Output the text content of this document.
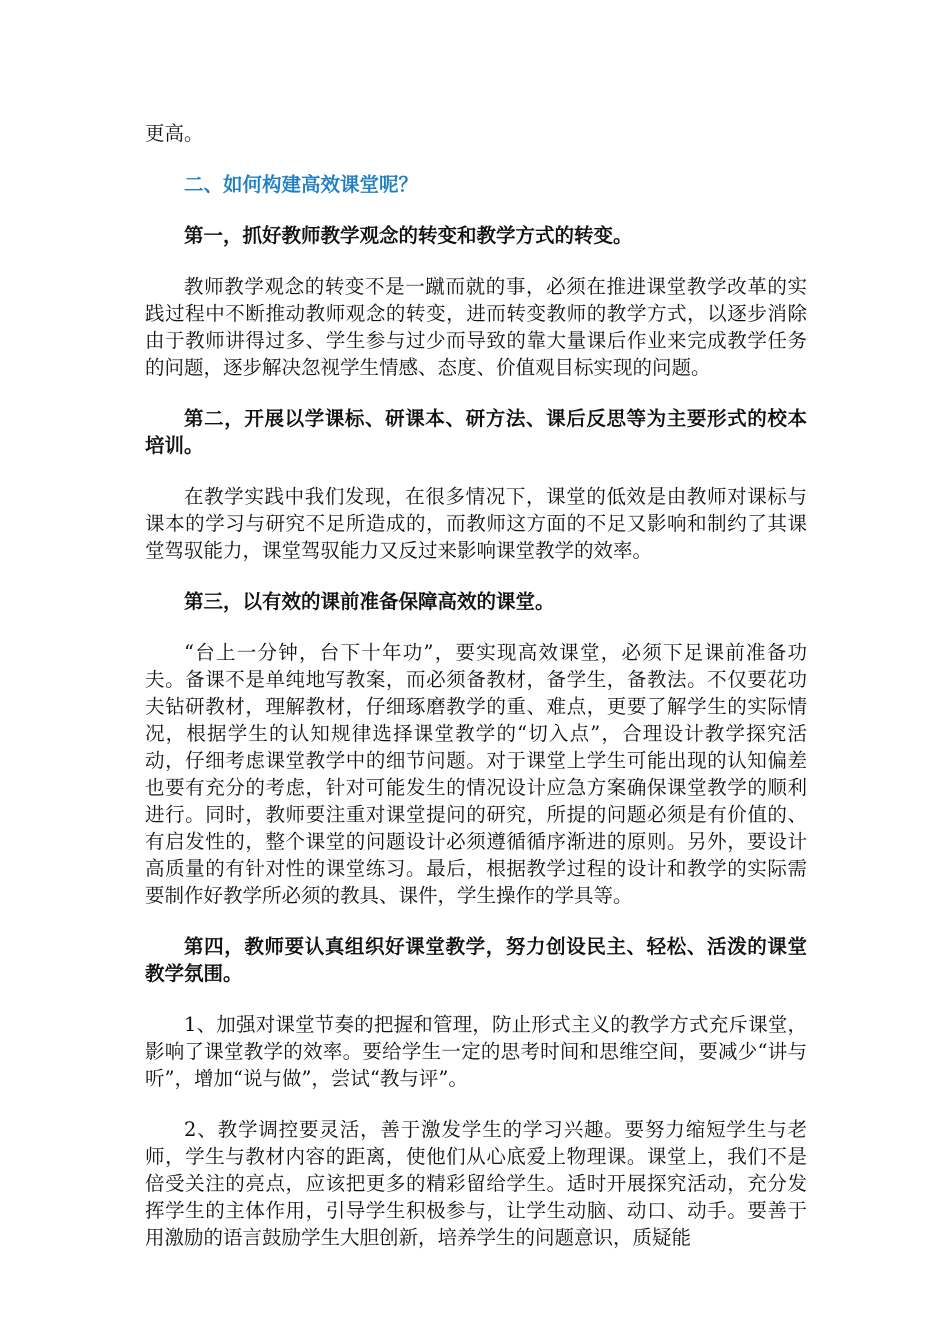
更高。

二、如何构建高效课堂呢？

第一，抓好教师教学观念的转变和教学方式的转变。

教师教学观念的转变不是一蹴而就的事，必须在推进课堂教学改革的实践过程中不断推动教师观念的转变，进而转变教师的教学方式，以逐步消除由于教师讲得过多、学生参与过少而导致的靠大量课后作业来完成教学任务的问题，逐步解决忽视学生情感、态度、价值观目标实现的问题。

第二，开展以学课标、研课本、研方法、课后反思等为主要形式的校本培训。

在教学实践中我们发现，在很多情况下，课堂的低效是由教师对课标与课本的学习与研究不足所造成的，而教师这方面的不足又影响和制约了其课堂驾驭能力，课堂驾驭能力又反过来影响课堂教学的效率。

第三，以有效的课前准备保障高效的课堂。

“台上一分钟，台下十年功”，要实现高效课堂，必须下足课前准备功夫。备课不是单纯地写教案，而必须备教材，备学生，备教法。不仅要花功夫钻研教材，理解教材，仔细琢磨教学的重、难点，更要了解学生的实际情况，根据学生的认知规律选择课堂教学的“切入点”，合理设计教学探究活动，仔细考虑课堂教学中的细节问题。对于课堂上学生可能出现的认知偏差也要有充分的考虑，针对可能发生的情况设计应急方案确保课堂教学的顺利进行。同时，教师要注重对课堂提问的研究，所提的问题必须是有价值的、有启发性的，整个课堂的问题设计必须遵循循序渐进的原则。另外，要设计高质量的有针对性的课堂练习。最后，根据教学过程的设计和教学的实际需要制作好教学所必须的教具、课件，学生操作的学具等。

第四，教师要认真组织好课堂教学，努力创设民主、轻松、活泼的课堂教学氛围。

1、加强对课堂节奏的把握和管理，防止形式主义的教学方式充斥课堂，影响了课堂教学的效率。要给学生一定的思考时间和思维空间，要减少“讲与听”，增加“说与做”，尝试“教与评”。

2、教学调控要灵活，善于激发学生的学习兴趣。要努力缩短学生与老师，学生与教材内容的距离，使他们从心底爱上物理课。课堂上，我们不是倍受关注的亮点，应该把更多的精彩留给学生。适时开展探究活动，充分发挥学生的主体作用，引导学生积极参与，让学生动脑、动口、动手。要善于用激励的语言鼓励学生大胆创新，培养学生的问题意识，质疑能
